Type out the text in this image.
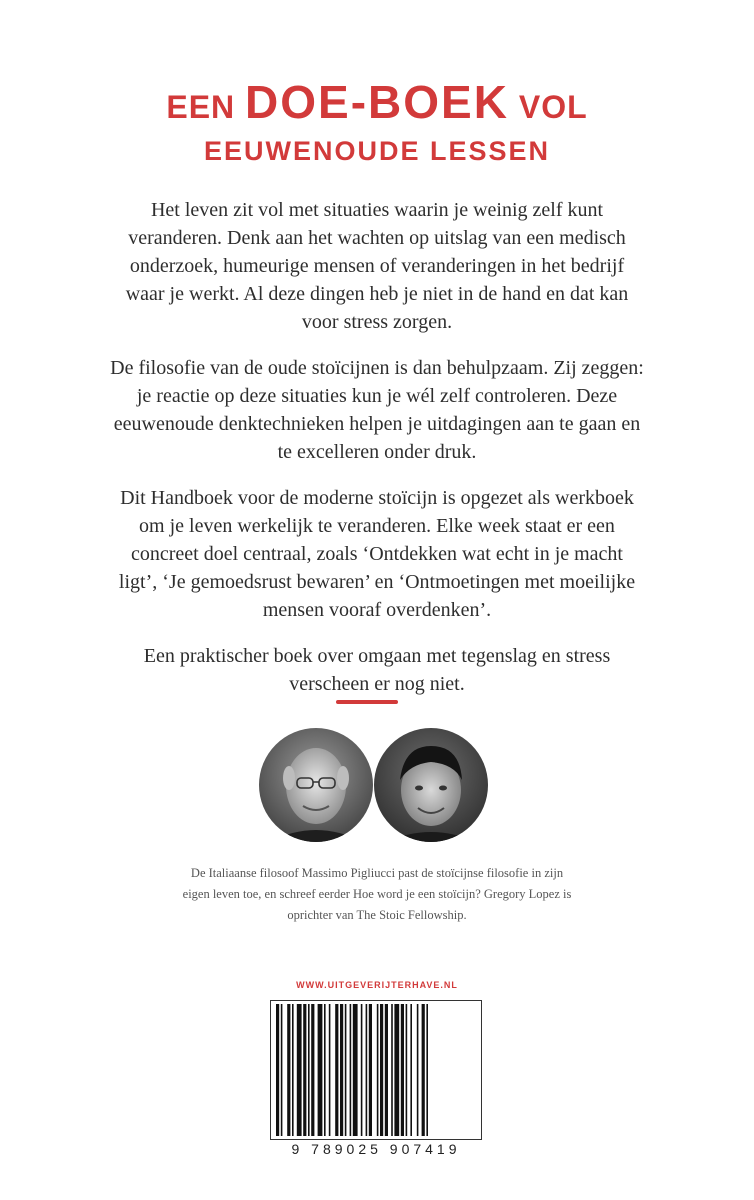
EEN DOE-BOEK VOL
EEUWENOUDE LESSEN

Het leven zit vol met situaties waarin je weinig zelf kunt veranderen. Denk aan het wachten op uitslag van een medisch onderzoek, humeurige mensen of veranderingen in het bedrijf waar je werkt. Al deze dingen heb je niet in de hand en dat kan voor stress zorgen.

De filosofie van de oude stoïcijnen is dan behulpzaam. Zij zeggen: je reactie op deze situaties kun je wél zelf controleren. Deze eeuwenoude denktechnieken helpen je uitdagingen aan te gaan en te excelleren onder druk.

Dit Handboek voor de moderne stoïcijn is opgezet als werkboek om je leven werkelijk te veranderen. Elke week staat er een concreet doel centraal, zoals ‘Ontdekken wat echt in je macht ligt’, ‘Je gemoedsrust bewaren’ en ‘Ontmoetingen met moeilijke mensen vooraf overdenken’.

Een praktischer boek over omgaan met tegenslag en stress verscheen er nog niet.

De Italiaanse filosoof Massimo Pigliucci past de stoïcijnse filosofie in zijn eigen leven toe, en schreef eerder Hoe word je een stoïcijn? Gregory Lopez is oprichter van The Stoic Fellowship.
WWW.UITGEVERIJTERHAVE.NL
9 789025 907419
